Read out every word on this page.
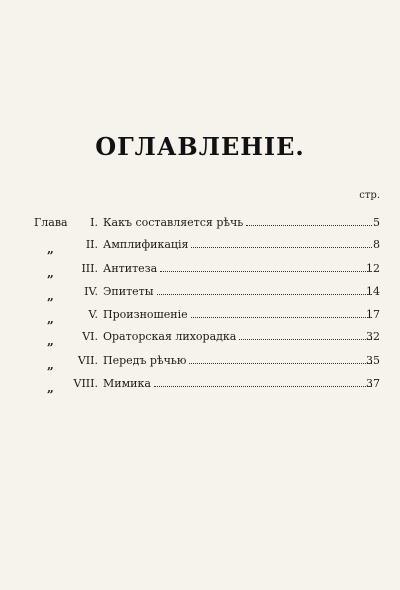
ОГЛАВЛЕНІЕ.
стр.
Глава	I. Какъ составляется рѣчь	5
„	II. Амплификація	8
„	III. Антитеза	12
„	IV. Эпитеты	14
„	V. Произношеніе	17
„	VI. Ораторская лихорадка	32
„	VII. Передъ рѣчью	35
„	VIII. Мимика	37
